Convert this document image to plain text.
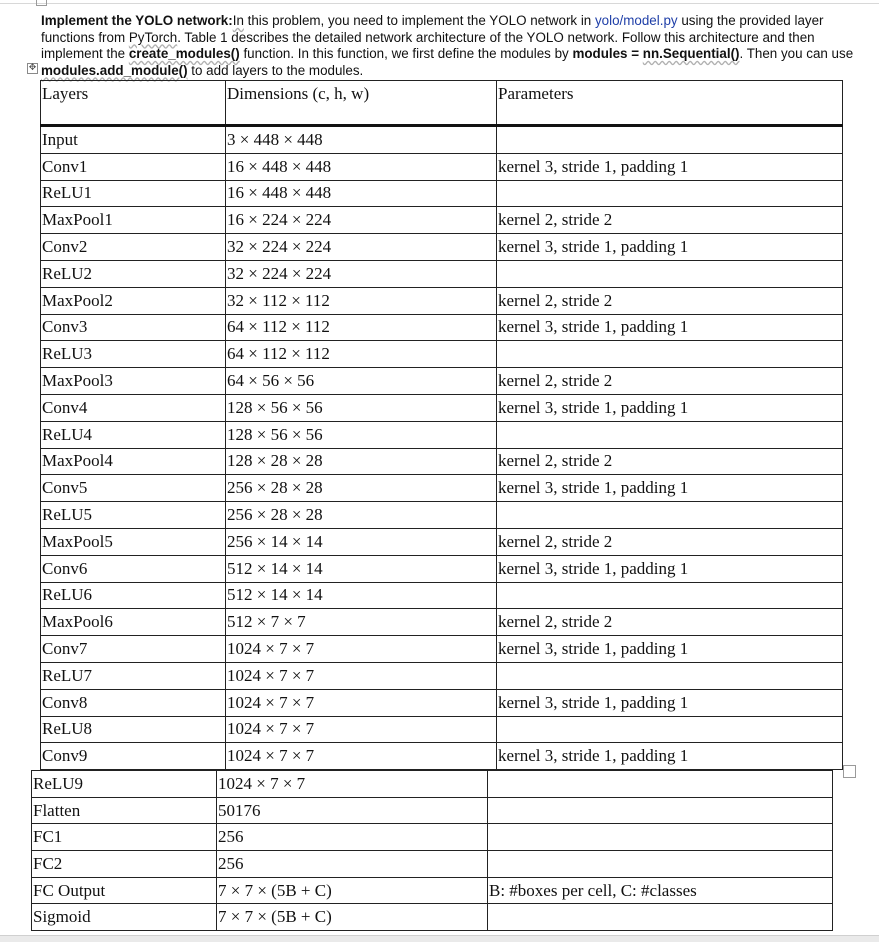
Implement the YOLO network:In this problem, you need to implement the YOLO network in yolo/model.py using the provided layer functions from PyTorch. Table 1 describes the detailed network architecture of the YOLO network. Follow this architecture and then implement the create_modules() function. In this function, we first define the modules by modules = nn.Sequential(). Then you can use modules.add_module() to add layers to the modules.
✥
Layers	Dimensions (c, h, w)	Parameters
Input	3 × 448 × 448	
Conv1	16 × 448 × 448	kernel 3, stride 1, padding 1
ReLU1	16 × 448 × 448	
MaxPool1	16 × 224 × 224	kernel 2, stride 2
Conv2	32 × 224 × 224	kernel 3, stride 1, padding 1
ReLU2	32 × 224 × 224	
MaxPool2	32 × 112 × 112	kernel 2, stride 2
Conv3	64 × 112 × 112	kernel 3, stride 1, padding 1
ReLU3	64 × 112 × 112	
MaxPool3	64 × 56 × 56	kernel 2, stride 2
Conv4	128 × 56 × 56	kernel 3, stride 1, padding 1
ReLU4	128 × 56 × 56	
MaxPool4	128 × 28 × 28	kernel 2, stride 2
Conv5	256 × 28 × 28	kernel 3, stride 1, padding 1
ReLU5	256 × 28 × 28	
MaxPool5	256 × 14 × 14	kernel 2, stride 2
Conv6	512 × 14 × 14	kernel 3, stride 1, padding 1
ReLU6	512 × 14 × 14	
MaxPool6	512 × 7 × 7	kernel 2, stride 2
Conv7	1024 × 7 × 7	kernel 3, stride 1, padding 1
ReLU7	1024 × 7 × 7	
Conv8	1024 × 7 × 7	kernel 3, stride 1, padding 1
ReLU8	1024 × 7 × 7	
Conv9	1024 × 7 × 7	kernel 3, stride 1, padding 1
ReLU9	1024 × 7 × 7	
Flatten	50176	
FC1	256	
FC2	256	
FC Output	7 × 7 × (5B + C)	B: #boxes per cell, C: #classes
Sigmoid	7 × 7 × (5B + C)	
